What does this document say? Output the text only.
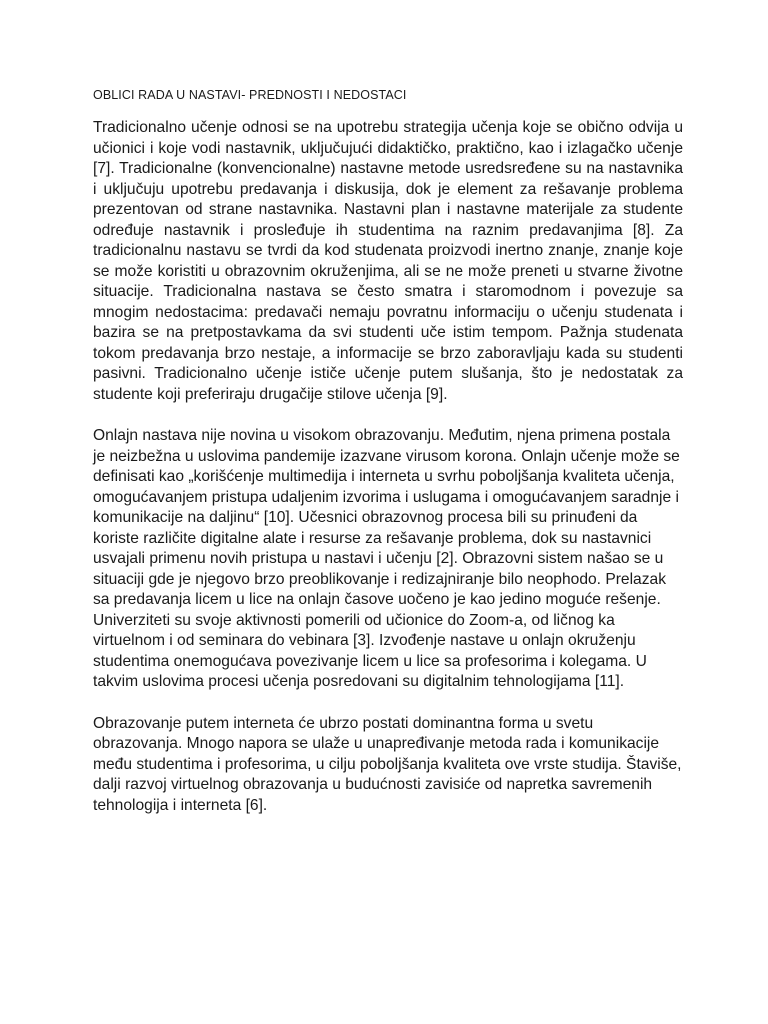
OBLICI RADA U NASTAVI- PREDNOSTI I NEDOSTACI

Tradicionalno učenje odnosi se na upotrebu strategija učenja koje se obično odvija u učionici i koje vodi nastavnik, uključujući didaktičko, praktično, kao i izlagačko učenje [7]. Tradicionalne (konvencionalne) nastavne metode usredsređene su na nastavnika i uključuju upotrebu predavanja i diskusija, dok je element za rešavanje problema prezentovan od strane nastavnika. Nastavni plan i nastavne materijale za studente određuje nastavnik i prosleđuje ih studentima na raznim predavanjima [8]. Za tradicionalnu nastavu se tvrdi da kod studenata proizvodi inertno znanje, znanje koje se može koristiti u obrazovnim okruženjima, ali se ne može preneti u stvarne životne situacije. Tradicionalna nastava se često smatra i staromodnom i povezuje sa mnogim nedostacima: predavači nemaju povratnu informaciju o učenju studenata i bazira se na pretpostavkama da svi studenti uče istim tempom. Pažnja studenata tokom predavanja brzo nestaje, a informacije se brzo zaboravljaju kada su studenti pasivni. Tradicionalno učenje ističe učenje putem slušanja, što je nedostatak za studente koji preferiraju drugačije stilove učenja [9].

Onlajn nastava nije novina u visokom obrazovanju. Međutim, njena primena postala je neizbežna u uslovima pandemije izazvane virusom korona. Onlajn učenje može se definisati kao „korišćenje multimedija i interneta u svrhu poboljšanja kvaliteta učenja, omogućavanjem pristupa udaljenim izvorima i uslugama i omogućavanjem saradnje i komunikacije na daljinu“ [10]. Učesnici obrazovnog procesa bili su prinuđeni da koriste različite digitalne alate i resurse za rešavanje problema, dok su nastavnici usvajali primenu novih pristupa u nastavi i učenju [2]. Obrazovni sistem našao se u situaciji gde je njegovo brzo preoblikovanje i redizajniranje bilo neophodo. Prelazak sa predavanja licem u lice na onlajn časove uočeno je kao jedino moguće rešenje. Univerziteti su svoje aktivnosti pomerili od učionice do Zoom-a, od ličnog ka virtuelnom i od seminara do vebinara [3]. Izvođenje nastave u onlajn okruženju studentima onemogućava povezivanje licem u lice sa profesorima i kolegama. U takvim uslovima procesi učenja posredovani su digitalnim tehnologijama [11].

Obrazovanje putem interneta će ubrzo postati dominantna forma u svetu obrazovanja. Mnogo napora se ulaže u unapređivanje metoda rada i komunikacije među studentima i profesorima, u cilju poboljšanja kvaliteta ove vrste studija. Štaviše, dalji razvoj virtuelnog obrazovanja u budućnosti zavisiće od napretka savremenih tehnologija i interneta [6].
